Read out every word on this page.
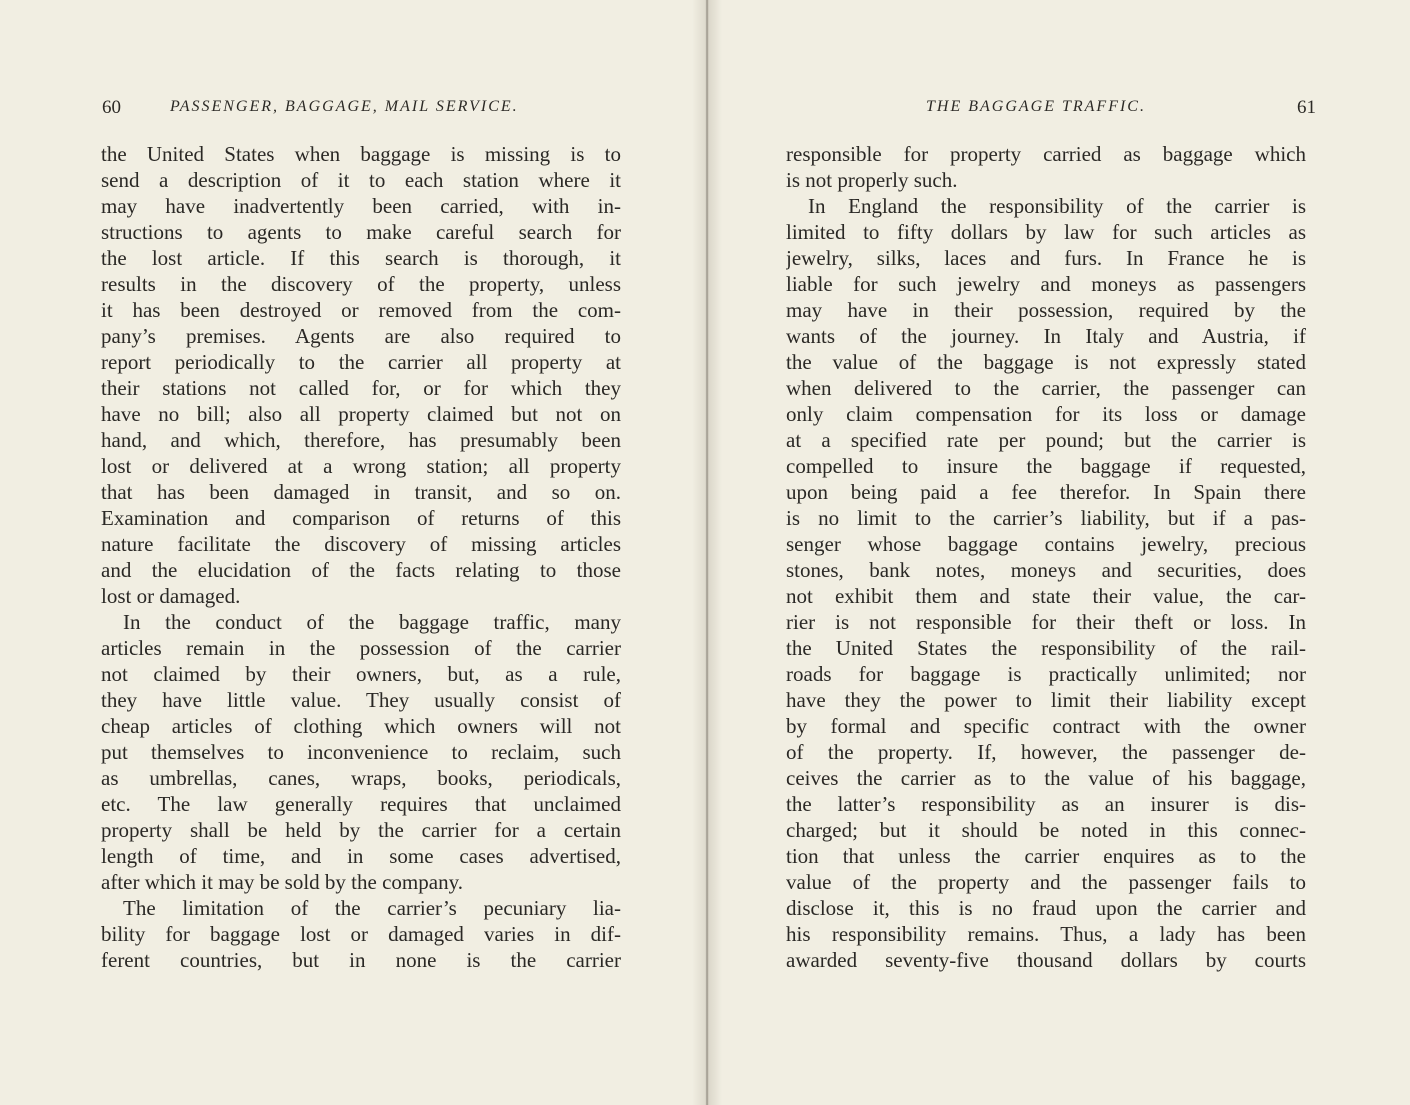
60	PASSENGER, BAGGAGE, MAIL SERVICE.
the United States when baggage is missing is to
send a description of it to each station where it
may have inadvertently been carried, with in-
structions to agents to make careful search for
the lost article. If this search is thorough, it
results in the discovery of the property, unless
it has been destroyed or removed from the com-
pany’s premises. Agents are also required to
report periodically to the carrier all property at
their stations not called for, or for which they
have no bill; also all property claimed but not on
hand, and which, therefore, has presumably been
lost or delivered at a wrong station; all property
that has been damaged in transit, and so on.
Examination and comparison of returns of this
nature facilitate the discovery of missing articles
and the elucidation of the facts relating to those
lost or damaged.
In the conduct of the baggage traffic, many
articles remain in the possession of the carrier
not claimed by their owners, but, as a rule,
they have little value. They usually consist of
cheap articles of clothing which owners will not
put themselves to inconvenience to reclaim, such
as umbrellas, canes, wraps, books, periodicals,
etc. The law generally requires that unclaimed
property shall be held by the carrier for a certain
length of time, and in some cases advertised,
after which it may be sold by the company.
The limitation of the carrier’s pecuniary lia-
bility for baggage lost or damaged varies in dif-
ferent countries, but in none is the carrier
THE BAGGAGE TRAFFIC.	61
responsible for property carried as baggage which
is not properly such.
In England the responsibility of the carrier is
limited to fifty dollars by law for such articles as
jewelry, silks, laces and furs. In France he is
liable for such jewelry and moneys as passengers
may have in their possession, required by the
wants of the journey. In Italy and Austria, if
the value of the baggage is not expressly stated
when delivered to the carrier, the passenger can
only claim compensation for its loss or damage
at a specified rate per pound; but the carrier is
compelled to insure the baggage if requested,
upon being paid a fee therefor. In Spain there
is no limit to the carrier’s liability, but if a pas-
senger whose baggage contains jewelry, precious
stones, bank notes, moneys and securities, does
not exhibit them and state their value, the car-
rier is not responsible for their theft or loss. In
the United States the responsibility of the rail-
roads for baggage is practically unlimited; nor
have they the power to limit their liability except
by formal and specific contract with the owner
of the property. If, however, the passenger de-
ceives the carrier as to the value of his baggage,
the latter’s responsibility as an insurer is dis-
charged; but it should be noted in this connec-
tion that unless the carrier enquires as to the
value of the property and the passenger fails to
disclose it, this is no fraud upon the carrier and
his responsibility remains. Thus, a lady has been
awarded seventy-five thousand dollars by courts
